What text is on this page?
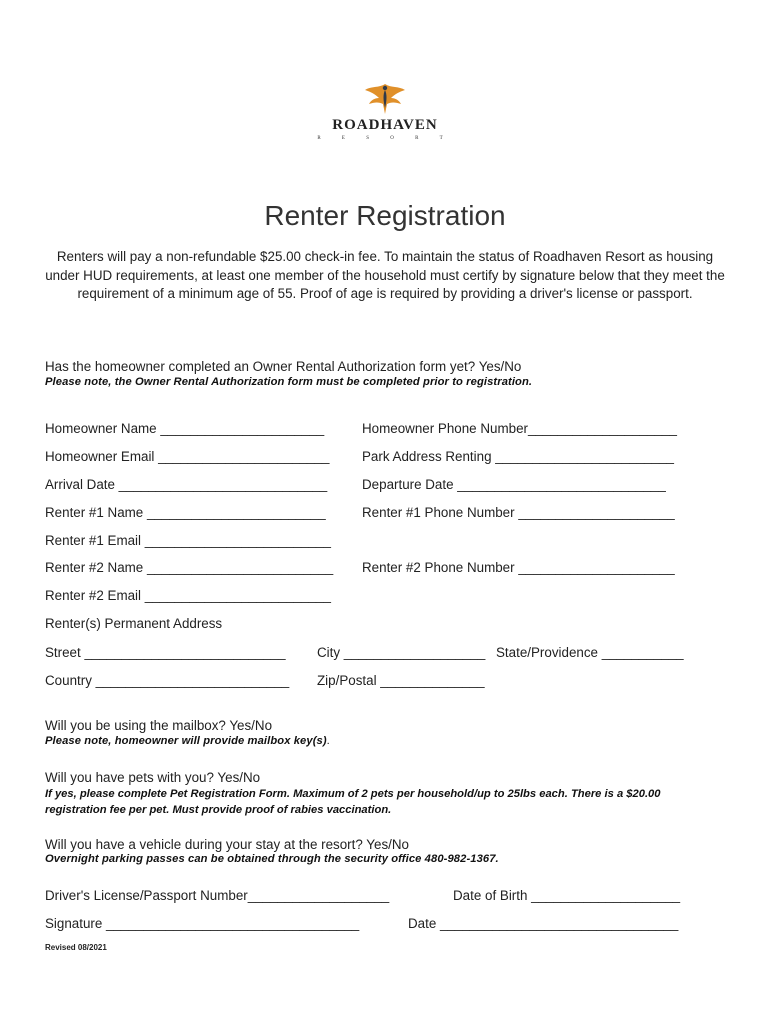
ROADHAVEN
R E S O R T
Renter Registration
Renters will pay a non-refundable $25.00 check-in fee. To maintain the status of Roadhaven Resort as housing under HUD requirements, at least one member of the household must certify by signature below that they meet the requirement of a minimum age of 55. Proof of age is required by providing a driver's license or passport.
Has the homeowner completed an Owner Rental Authorization form yet? Yes/No
Please note, the Owner Rental Authorization form must be completed prior to registration.
Homeowner Name ______________________	Homeowner Phone Number____________________
Homeowner Email _______________________ Park Address Renting ________________________
Arrival Date ____________________________	Departure Date ____________________________
Renter #1 Name ________________________	Renter #1 Phone Number _____________________
Renter #1 Email _________________________
Renter #2 Name _________________________ Renter #2 Phone Number _____________________
Renter #2 Email _________________________
Renter(s) Permanent Address
Street ___________________________ City ___________________ State/Providence ___________
Country __________________________ Zip/Postal ______________
Will you be using the mailbox? Yes/No
Please note, homeowner will provide mailbox key(s).
Will you have pets with you? Yes/No
If yes, please complete Pet Registration Form. Maximum of 2 pets per household/up to 25lbs each. There is a $20.00 registration fee per pet. Must provide proof of rabies vaccination.
Will you have a vehicle during your stay at the resort? Yes/No
Overnight parking passes can be obtained through the security office 480-982-1367.
Driver's License/Passport Number___________________	Date of Birth ____________________
Signature __________________________________	Date ________________________________
Revised 08/2021
